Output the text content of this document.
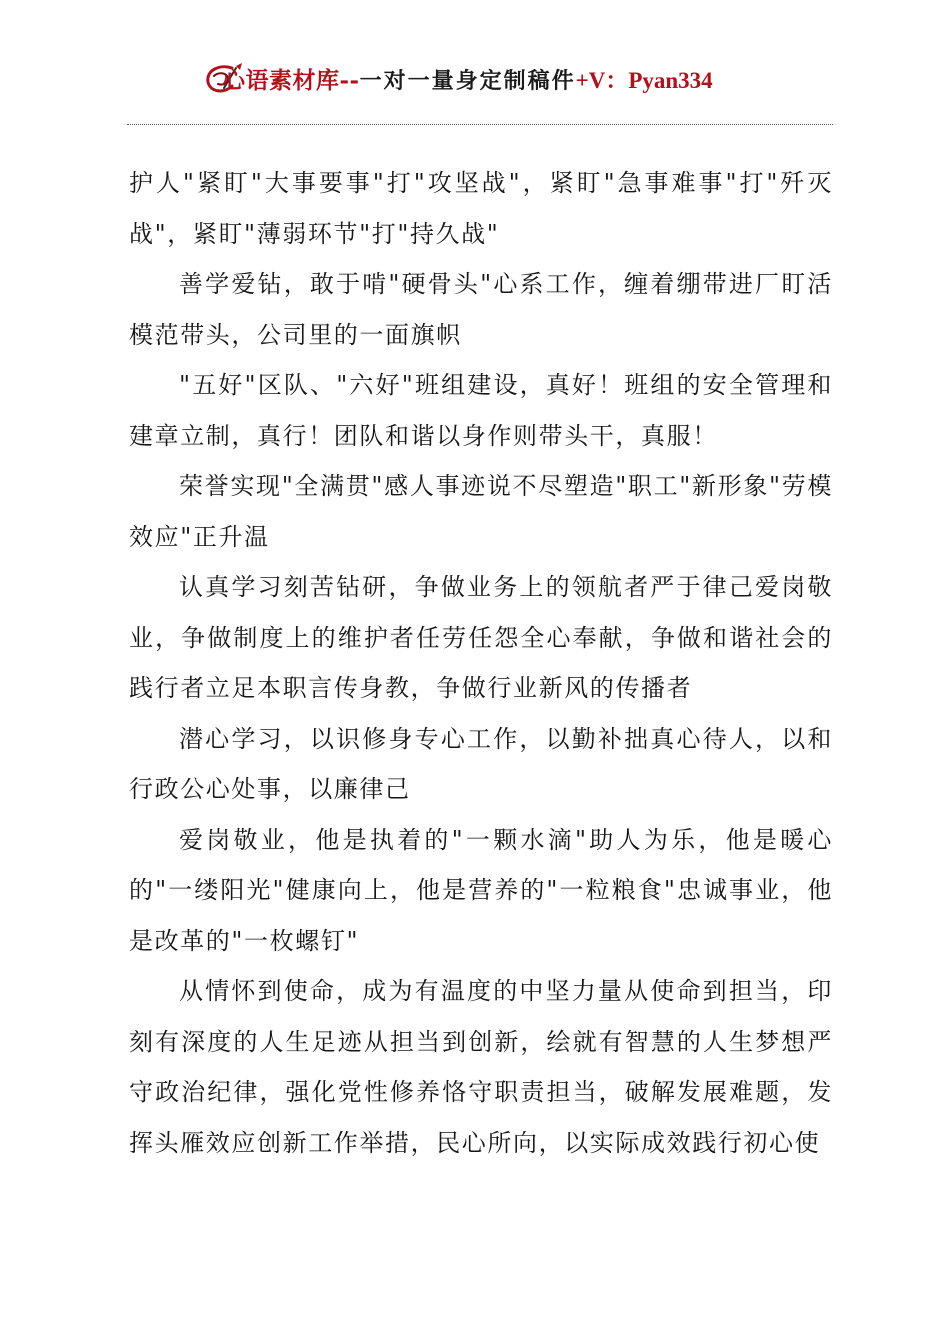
心语素材库--一对一量身定制稿件+V：Pyan334

护人"紧盯"大事要事"打"攻坚战"，紧盯"急事难事"打"歼灭战"，紧盯"薄弱环节"打"持久战"

善学爱钻，敢于啃"硬骨头"心系工作，缠着绷带进厂盯活模范带头，公司里的一面旗帜

"五好"区队、"六好"班组建设，真好！班组的安全管理和建章立制，真行！团队和谐以身作则带头干，真服！

荣誉实现"全满贯"感人事迹说不尽塑造"职工"新形象"劳模效应"正升温

认真学习刻苦钻研，争做业务上的领航者严于律己爱岗敬业，争做制度上的维护者任劳任怨全心奉献，争做和谐社会的践行者立足本职言传身教，争做行业新风的传播者

潜心学习，以识修身专心工作，以勤补拙真心待人，以和行政公心处事，以廉律己

爱岗敬业，他是执着的"一颗水滴"助人为乐，他是暖心的"一缕阳光"健康向上，他是营养的"一粒粮食"忠诚事业，他是改革的"一枚螺钉"

从情怀到使命，成为有温度的中坚力量从使命到担当，印刻有深度的人生足迹从担当到创新，绘就有智慧的人生梦想严守政治纪律，强化党性修养恪守职责担当，破解发展难题，发挥头雁效应创新工作举措，民心所向，以实际成效践行初心使
